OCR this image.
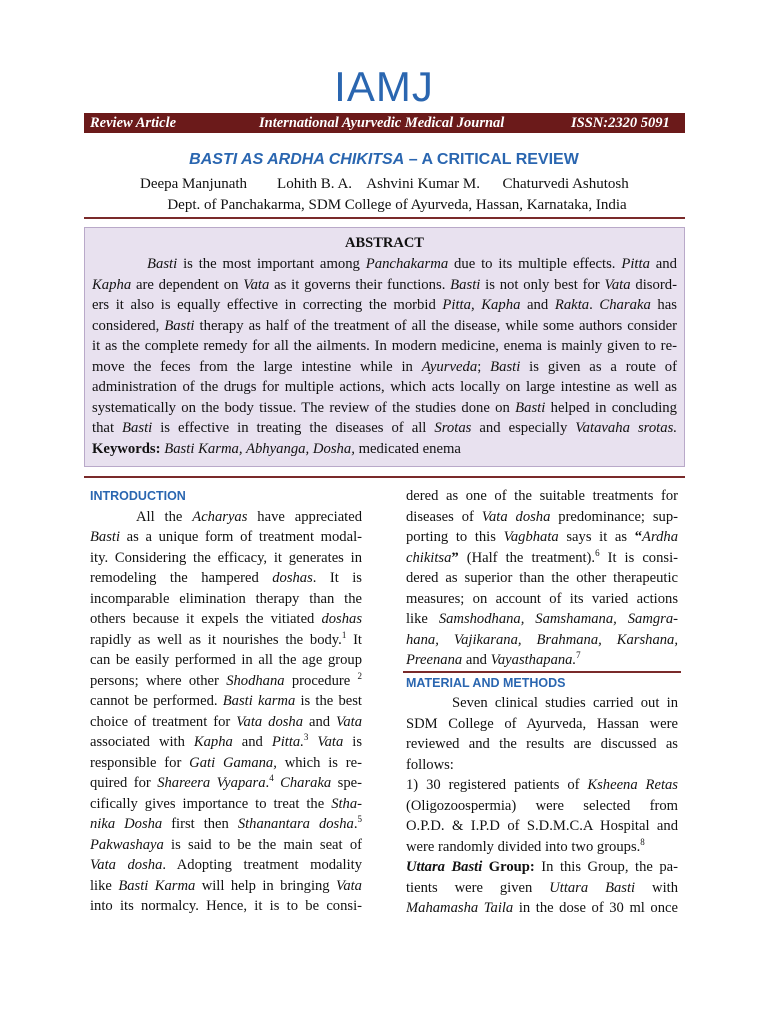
IAMJ
Review Article	International Ayurvedic Medical Journal	ISSN:2320 5091
BASTI AS ARDHA CHIKITSA – A CRITICAL REVIEW
Deepa Manjunath Lohith B. A. Ashvini Kumar M. Chaturvedi Ashutosh
Dept. of Panchakarma, SDM College of Ayurveda, Hassan, Karnataka, India
ABSTRACT
Basti is the most important among Panchakarma due to its multiple effects. Pitta and
Kapha are dependent on Vata as it governs their functions. Basti is not only best for Vata disord-
ers it also is equally effective in correcting the morbid Pitta, Kapha and Rakta. Charaka has
considered, Basti therapy as half of the treatment of all the disease, while some authors consider
it as the complete remedy for all the ailments. In modern medicine, enema is mainly given to re-
move the feces from the large intestine while in Ayurveda; Basti is given as a route of
administration of the drugs for multiple actions, which acts locally on large intestine as well as
systematically on the body tissue. The review of the studies done on Basti helped in concluding
that Basti is effective in treating the diseases of all Srotas and especially Vatavaha srotas.
Keywords: Basti Karma, Abhyanga, Dosha, medicated enema
INTRODUCTION
All the Acharyas have appreciated
Basti as a unique form of treatment modal-
ity. Considering the efficacy, it generates in
remodeling the hampered doshas. It is
incomparable elimination therapy than the
others because it expels the vitiated doshas
rapidly as well as it nourishes the body.$^1$ It
can be easily performed in all the age group
persons; where other Shodhana procedure $^2$
cannot be performed. Basti karma is the best
choice of treatment for Vata dosha and Vata
associated with Kapha and Pitta.$^3$ Vata is
responsible for Gati Gamana, which is re-
quired for Shareera Vyapara.$^4$ Charaka spe-
cifically gives importance to treat the Stha-
nika Dosha first then Sthanantara dosha.$^5$
Pakwashaya is said to be the main seat of
Vata dosha. Adopting treatment modality
like Basti Karma will help in bringing Vata
into its normalcy. Hence, it is to be consi-
dered as one of the suitable treatments for
diseases of Vata dosha predominance; sup-
porting to this Vagbhata says it as “Ardha
chikitsa” (Half the treatment).$^6$ It is consi-
dered as superior than the other therapeutic
measures; on account of its varied actions
like Samshodhana, Samshamana, Samgra-
hana, Vajikarana, Brahmana, Karshana,
Preenana and Vayasthapana.$^7$
MATERIAL AND METHODS
Seven clinical studies carried out in
SDM College of Ayurveda, Hassan were
reviewed and the results are discussed as
follows:
1) 30 registered patients of Ksheena Retas
(Oligozoospermia) were selected from
O.P.D. & I.P.D of S.D.M.C.A Hospital and
were randomly divided into two groups.$^8$
Uttara Basti Group: In this Group, the pa-
tients were given Uttara Basti with
Mahamasha Taila in the dose of 30 ml once
